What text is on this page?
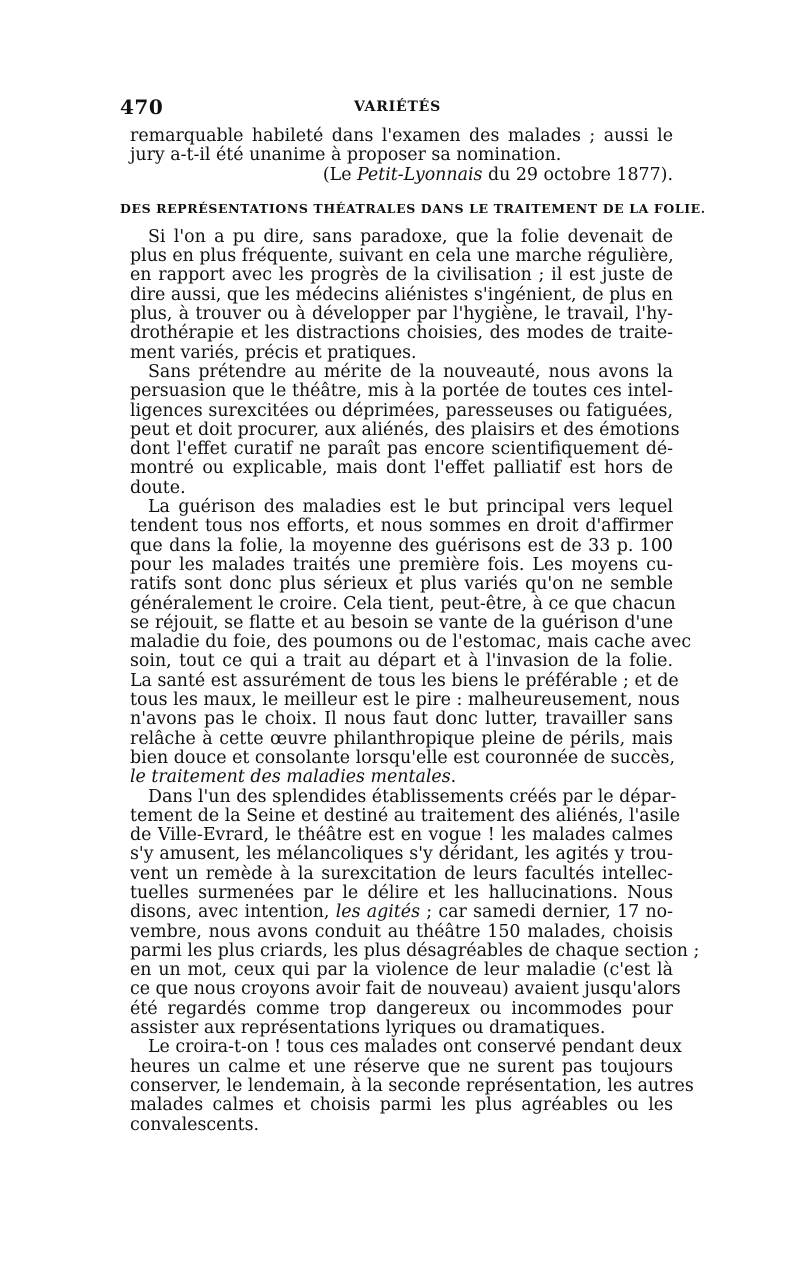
470	VARIÉTÉS
remarquable habileté dans l'examen des malades ; aussi le
jury a-t-il été unanime à proposer sa nomination.
(Le Petit-Lyonnais du 29 octobre 1877).
DES REPRÉSENTATIONS THÉATRALES DANS LE TRAITEMENT DE LA FOLIE.
Si l'on a pu dire, sans paradoxe, que la folie devenait de
plus en plus fréquente, suivant en cela une marche régulière,
en rapport avec les progrès de la civilisation ; il est juste de
dire aussi, que les médecins aliénistes s'ingénient, de plus en
plus, à trouver ou à développer par l'hygiène, le travail, l'hy-
drothérapie et les distractions choisies, des modes de traite-
ment variés, précis et pratiques.
Sans prétendre au mérite de la nouveauté, nous avons la
persuasion que le théâtre, mis à la portée de toutes ces intel-
ligences surexcitées ou déprimées, paresseuses ou fatiguées,
peut et doit procurer, aux aliénés, des plaisirs et des émotions
dont l'effet curatif ne paraît pas encore scientifiquement dé-
montré ou explicable, mais dont l'effet palliatif est hors de
doute.
La guérison des maladies est le but principal vers lequel
tendent tous nos efforts, et nous sommes en droit d'affirmer
que dans la folie, la moyenne des guérisons est de 33 p. 100
pour les malades traités une première fois. Les moyens cu-
ratifs sont donc plus sérieux et plus variés qu'on ne semble
généralement le croire. Cela tient, peut-être, à ce que chacun
se réjouit, se flatte et au besoin se vante de la guérison d'une
maladie du foie, des poumons ou de l'estomac, mais cache avec
soin, tout ce qui a trait au départ et à l'invasion de la folie.
La santé est assurément de tous les biens le préférable ; et de
tous les maux, le meilleur est le pire : malheureusement, nous
n'avons pas le choix. Il nous faut donc lutter, travailler sans
relâche à cette œuvre philanthropique pleine de périls, mais
bien douce et consolante lorsqu'elle est couronnée de succès,
le traitement des maladies mentales.
Dans l'un des splendides établissements créés par le dépar-
tement de la Seine et destiné au traitement des aliénés, l'asile
de Ville-Evrard, le théâtre est en vogue ! les malades calmes
s'y amusent, les mélancoliques s'y déridant, les agités y trou-
vent un remède à la surexcitation de leurs facultés intellec-
tuelles surmenées par le délire et les hallucinations. Nous
disons, avec intention, les agités ; car samedi dernier, 17 no-
vembre, nous avons conduit au théâtre 150 malades, choisis
parmi les plus criards, les plus désagréables de chaque section ;
en un mot, ceux qui par la violence de leur maladie (c'est là
ce que nous croyons avoir fait de nouveau) avaient jusqu'alors
été regardés comme trop dangereux ou incommodes pour
assister aux représentations lyriques ou dramatiques.
Le croira-t-on ! tous ces malades ont conservé pendant deux
heures un calme et une réserve que ne surent pas toujours
conserver, le lendemain, à la seconde représentation, les autres
malades calmes et choisis parmi les plus agréables ou les
convalescents.
